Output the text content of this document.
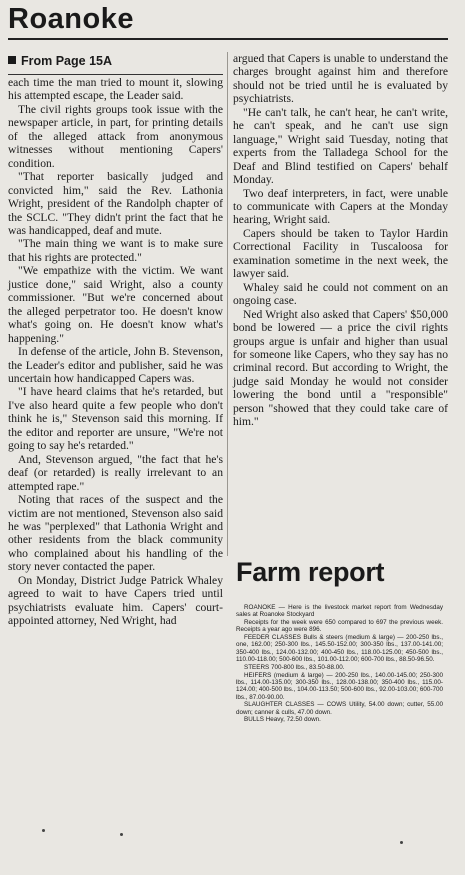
Roanoke
From Page 15A

each time the man tried to mount it, slowing his attempted escape, the Leader said.

The civil rights groups took issue with the newspaper article, in part, for printing details of the alleged attack from anonymous witnesses without mentioning Capers' condition.

"That reporter basically judged and convicted him," said the Rev. Lathonia Wright, president of the Randolph chapter of the SCLC. "They didn't print the fact that he was handicapped, deaf and mute.

"The main thing we want is to make sure that his rights are protected."

"We empathize with the victim. We want justice done," said Wright, also a county commissioner. "But we're concerned about the alleged perpetrator too. He doesn't know what's going on. He doesn't know what's happening."

In defense of the article, John B. Stevenson, the Leader's editor and publisher, said he was uncertain how handicapped Capers was.

"I have heard claims that he's retarded, but I've also heard quite a few people who don't think he is," Stevenson said this morning. If the editor and reporter are unsure, "We're not going to say he's retarded."

And, Stevenson argued, "the fact that he's deaf (or retarded) is really irrelevant to an attempted rape."

Noting that races of the suspect and the victim are not mentioned, Stevenson also said he was "perplexed" that Lathonia Wright and other residents from the black community who complained about his handling of the story never contacted the paper.

On Monday, District Judge Patrick Whaley agreed to wait to have Capers tried until psychiatrists evaluate him. Capers' court-appointed attorney, Ned Wright, had

argued that Capers is unable to understand the charges brought against him and therefore should not be tried until he is evaluated by psychiatrists.

"He can't talk, he can't hear, he can't write, he can't speak, and he can't use sign language," Wright said Tuesday, noting that experts from the Talladega School for the Deaf and Blind testified on Capers' behalf Monday.

Two deaf interpreters, in fact, were unable to communicate with Capers at the Monday hearing, Wright said.

Capers should be taken to Taylor Hardin Correctional Facility in Tuscaloosa for examination sometime in the next week, the lawyer said.

Whaley said he could not comment on an ongoing case.

Ned Wright also asked that Capers' $50,000 bond be lowered — a price the civil rights groups argue is unfair and higher than usual for someone like Capers, who they say has no criminal record. But according to Wright, the judge said Monday he would not consider lowering the bond until a "responsible" person "showed that they could take care of him."

Farm report

ROANOKE — Here is the livestock market report from Wednesday sales at Roanoke Stockyard

Receipts for the week were 650 compared to 697 the previous week. Receipts a year ago were 896.

FEEDER CLASSES Bulls & steers (medium & large) — 200-250 lbs., one, 162.00; 250-300 lbs., 145.50-152.00; 300-350 lbs., 137.00-141.00; 350-400 lbs., 124.00-132.00; 400-450 lbs., 118.00-125.00; 450-500 lbs., 110.00-118.00; 500-600 lbs., 101.00-112.00; 600-700 lbs., 88.50-96.50.

STEERS 700-800 lbs., 83.50-88.00.

HEIFERS (medium & large) — 200-250 lbs., 140.00-145.00; 250-300 lbs., 114.00-135.00; 300-350 lbs., 128.00-138.00; 350-400 lbs., 115.00-124.00; 400-500 lbs., 104.00-113.50; 500-600 lbs., 92.00-103.00; 600-700 lbs., 87.00-90.00.

SLAUGHTER CLASSES — COWS Utility, 54.00 down; cutter, 55.00 down; canner & culls, 47.00 down.

BULLS Heavy, 72.50 down.
